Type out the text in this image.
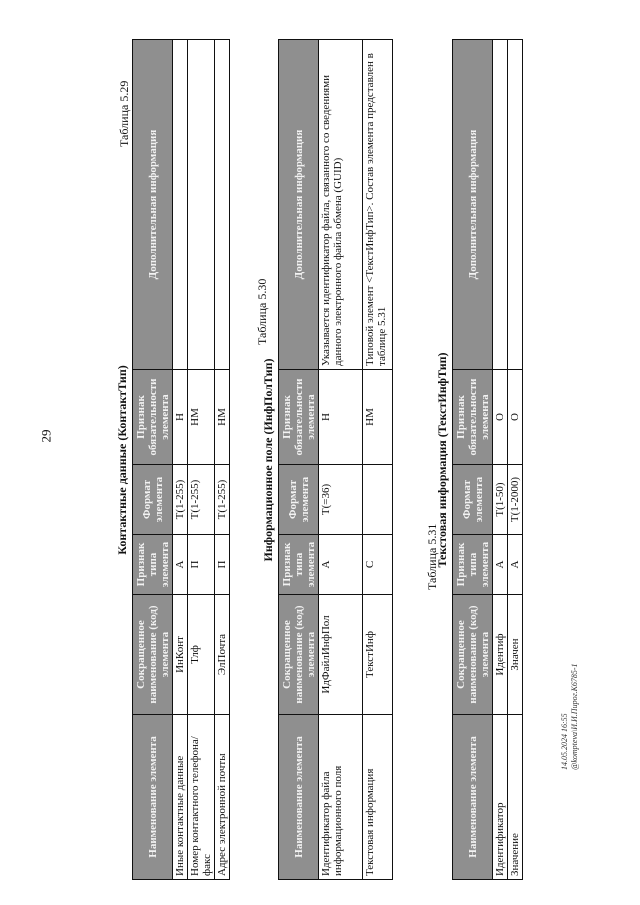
29
14.05.2024 16:55 @kompteva\И.И.Пирог.К6785-1
Таблица 5.29
Контактные данные (КонтактТип)
Наименование элемента	Сокращенное наименование (код) элемента	Признак типа элемента	Формат элемента	Признак обязательности элемента	Дополнительная информация
Иные контактные данные	ИнКонт	А	T(1-255)	Н	
Номер контактного телефона/факс	Тлф	П	T(1-255)	НМ	
Адрес электронной почты	ЭлПочта	П	T(1-255)	НМ	
Таблица 5.30
Информационное поле (ИнфПолТип)
Наименование элемента	Сокращенное наименование (код) элемента	Признак типа элемента	Формат элемента	Признак обязательности элемента	Дополнительная информация
Идентификатор файла информационного поля	ИдФайлИнфПол	А	T(=36)	Н	Указывается идентификатор файла, связанного со сведениями данного электронного файла обмена (GUID)
Текстовая информация	ТекстИнф	С		НМ	Типовой элемент <ТекстИнфТип>. Состав элемента представлен в таблице 5.31
Таблица 5.31
Текстовая информация (ТекстИнфТип)
Наименование элемента	Сокращенное наименование (код) элемента	Признак типа элемента	Формат элемента	Признак обязательности элемента	Дополнительная информация
Идентификатор	Идентиф	А	T(1-50)	О	
Значение	Значен	А	T(1-2000)	О	
